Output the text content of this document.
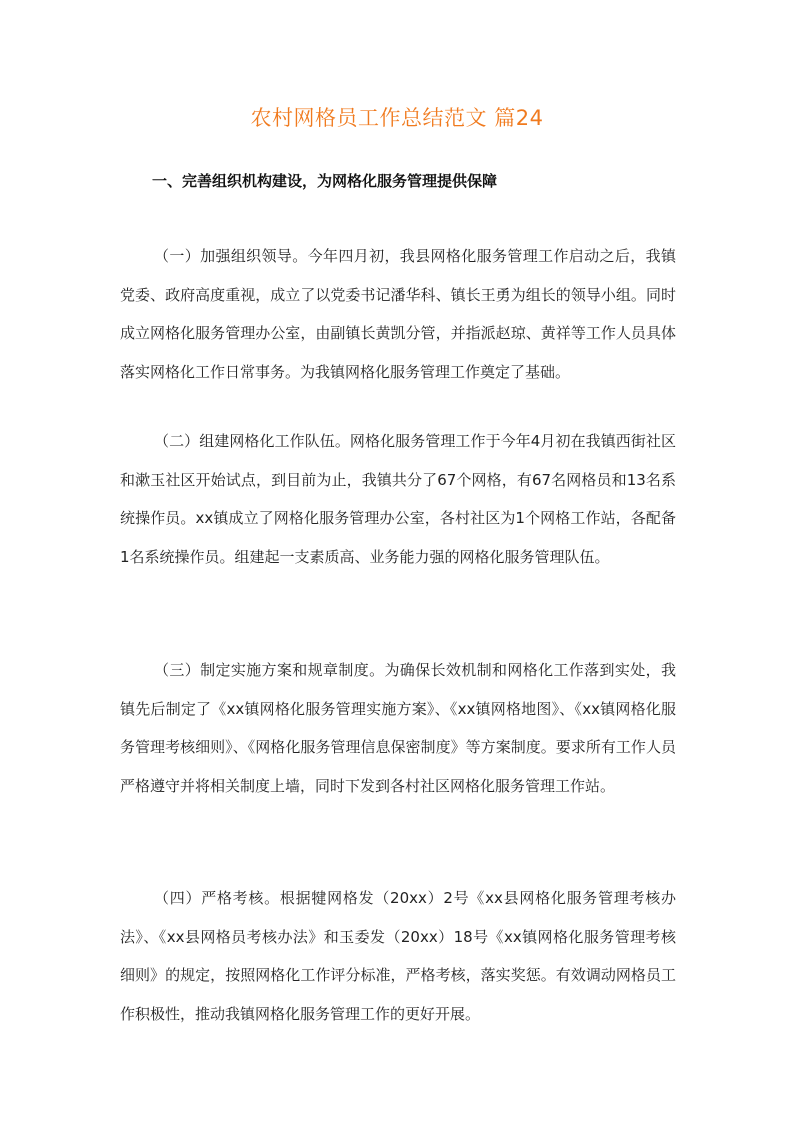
农村网格员工作总结范文 篇24
一、完善组织机构建设，为网格化服务管理提供保障

（一）加强组织领导。今年四月初，我县网格化服务管理工作启动之后，我镇党委、政府高度重视，成立了以党委书记潘华科、镇长王勇为组长的领导小组。同时成立网格化服务管理办公室，由副镇长黄凯分管，并指派赵琼、黄祥等工作人员具体落实网格化工作日常事务。为我镇网格化服务管理工作奠定了基础。

（二）组建网格化工作队伍。网格化服务管理工作于今年4月初在我镇西街社区和漱玉社区开始试点，到目前为止，我镇共分了67个网格，有67名网格员和13名系统操作员。xx镇成立了网格化服务管理办公室，各村社区为1个网格工作站，各配备1名系统操作员。组建起一支素质高、业务能力强的网格化服务管理队伍。

（三）制定实施方案和规章制度。为确保长效机制和网格化工作落到实处，我镇先后制定了《xx镇网格化服务管理实施方案》、《xx镇网格地图》、《xx镇网格化服务管理考核细则》、《网格化服务管理信息保密制度》等方案制度。要求所有工作人员严格遵守并将相关制度上墙，同时下发到各村社区网格化服务管理工作站。

（四）严格考核。根据犍网格发（20xx）2号《xx县网格化服务管理考核办法》、《xx县网格员考核办法》和玉委发（20xx）18号《xx镇网格化服务管理考核细则》的规定，按照网格化工作评分标准，严格考核，落实奖惩。有效调动网格员工作积极性，推动我镇网格化服务管理工作的更好开展。
